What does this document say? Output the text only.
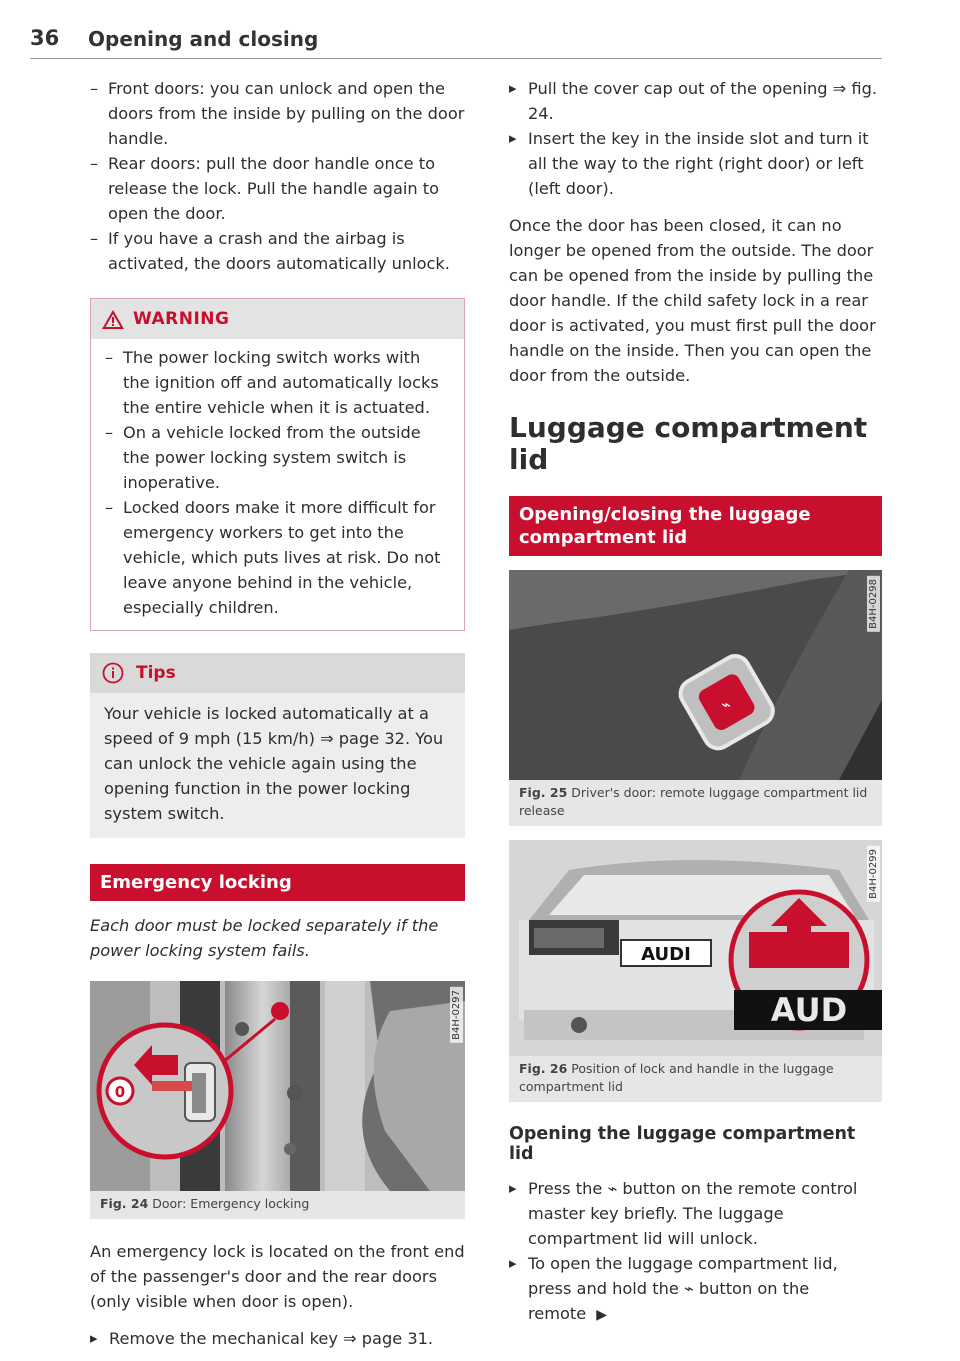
36 Opening and closing
– Front doors: you can unlock and open the doors from the inside by pulling on the door handle.
– Rear doors: pull the door handle once to release the lock. Pull the handle again to open the door.
– If you have a crash and the airbag is activated, the doors automatically unlock.
WARNING
– The power locking switch works with the ignition off and automatically locks the entire vehicle when it is actuated.
– On a vehicle locked from the outside the power locking system switch is inoperative.
– Locked doors make it more difficult for emergency workers to get into the vehicle, which puts lives at risk. Do not leave anyone behind in the vehicle, especially children.
Tips

Your vehicle is locked automatically at a speed of 9 mph (15 km/h) ⇒ page 32. You can unlock the vehicle again using the opening function in the power locking system switch.

Emergency locking

Each door must be locked separately if the power locking system fails.

0
B4H-0297
Fig. 24 Door: Emergency locking

An emergency lock is located on the front end of the passenger's door and the rear doors (only visible when door is open).

▸ Remove the mechanical key ⇒ page 31.
▸ Pull the cover cap out of the opening ⇒ fig. 24.
▸ Insert the key in the inside slot and turn it all the way to the right (right door) or left (left door).

Once the door has been closed, it can no longer be opened from the outside. The door can be opened from the inside by pulling the door handle. If the child safety lock in a rear door is activated, you must first pull the door handle on the inside. Then you can open the door from the outside.

Luggage compartment lid
Opening/closing the luggage compartment lid
⌁
B4H-0298
Fig. 25 Driver's door: remote luggage compartment lid release
AUDI
AUD
B4H-0299
Fig. 26 Position of lock and handle in the luggage compartment lid
Opening the luggage compartment lid
▸ Press the ⌁ button on the remote control master key briefly. The luggage compartment lid will unlock.
▸ To open the luggage compartment lid, press and hold the ⌁ button on the remote ▶
